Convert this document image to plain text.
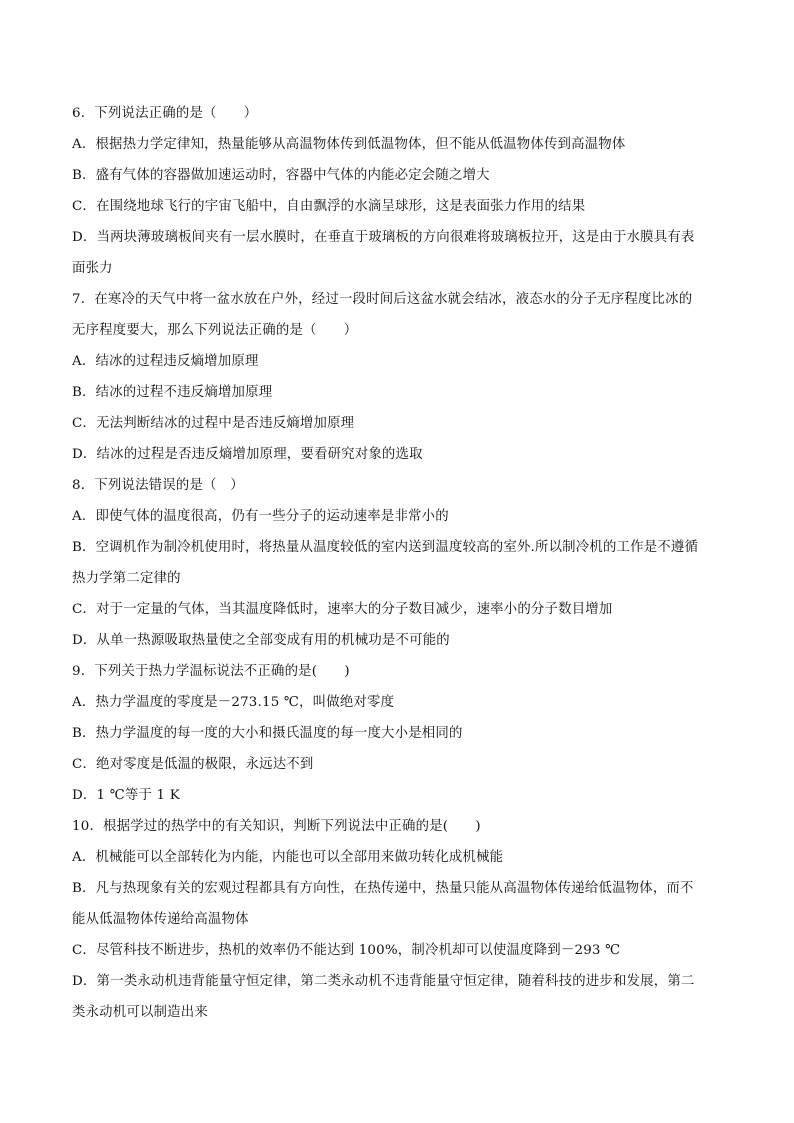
6．下列说法正确的是（　　）
A．根据热力学定律知，热量能够从高温物体传到低温物体，但不能从低温物体传到高温物体
B．盛有气体的容器做加速运动时，容器中气体的内能必定会随之增大
C．在围绕地球飞行的宇宙飞船中，自由飘浮的水滴呈球形，这是表面张力作用的结果
D．当两块薄玻璃板间夹有一层水膜时，在垂直于玻璃板的方向很难将玻璃板拉开，这是由于水膜具有表
面张力
7．在寒冷的天气中将一盆水放在户外，经过一段时间后这盆水就会结冰，液态水的分子无序程度比冰的
无序程度要大，那么下列说法正确的是（　　）
A．结冰的过程违反熵增加原理
B．结冰的过程不违反熵增加原理
C．无法判断结冰的过程中是否违反熵增加原理
D．结冰的过程是否违反熵增加原理，要看研究对象的选取
8．下列说法错误的是（　）
A．即使气体的温度很高，仍有一些分子的运动速率是非常小的
B．空调机作为制冷机使用时，将热量从温度较低的室内送到温度较高的室外.所以制冷机的工作是不遵循
热力学第二定律的
C．对于一定量的气体，当其温度降低时，速率大的分子数目减少，速率小的分子数目增加
D．从单一热源吸取热量使之全部变成有用的机械功是不可能的
9．下列关于热力学温标说法不正确的是(　　)
A．热力学温度的零度是－273.15 ℃，叫做绝对零度
B．热力学温度的每一度的大小和摄氏温度的每一度大小是相同的
C．绝对零度是低温的极限，永远达不到
D．1 ℃等于 1 K
10．根据学过的热学中的有关知识，判断下列说法中正确的是(　　)
A．机械能可以全部转化为内能，内能也可以全部用来做功转化成机械能
B．凡与热现象有关的宏观过程都具有方向性，在热传递中，热量只能从高温物体传递给低温物体，而不
能从低温物体传递给高温物体
C．尽管科技不断进步，热机的效率仍不能达到 100%，制冷机却可以使温度降到－293 ℃
D．第一类永动机违背能量守恒定律，第二类永动机不违背能量守恒定律，随着科技的进步和发展，第二
类永动机可以制造出来
